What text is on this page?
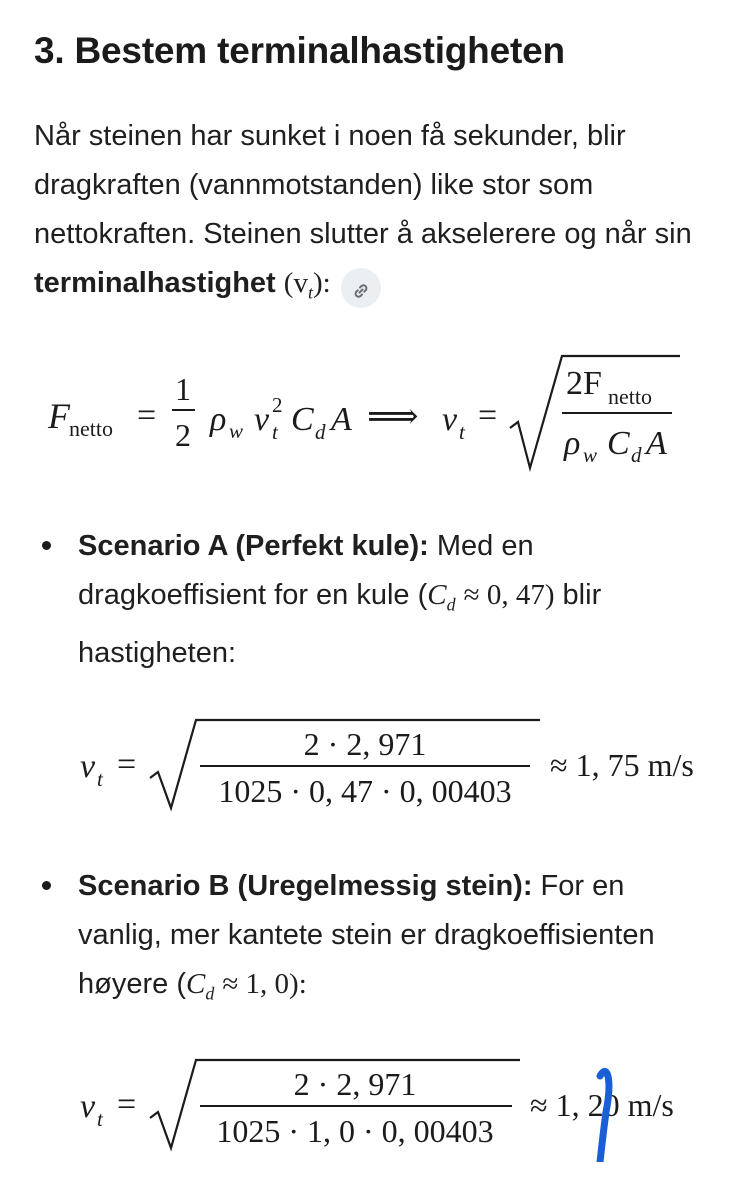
3. Bestem terminalhastigheten

Når steinen har sunket i noen få sekunder, blir dragkraften (vannmotstanden) like stor som nettokraften. Steinen slutter å akselerere og når sin terminalhastighet $(v_t)$:

F netto =
1
2 ρ w v t
2 C d A ⟹ v t =
2F netto
ρ w C d A

Scenario A (Perfekt kule): Med en dragkoeffisient for en kule ($C_d \approx 0$, 47) blir hastigheten:

v t =
2 · 2, 971
1025 · 0, 47 · 0, 00403
≈ 1, 75 m/s

Scenario B (Uregelmessig stein): For en vanlig, mer kantete stein er dragkoeffisienten høyere ($C_d \approx 1$, 0):

v t =
2 · 2, 971
1025 · 1, 0 · 0, 00403
≈ 1, 20 m/s
